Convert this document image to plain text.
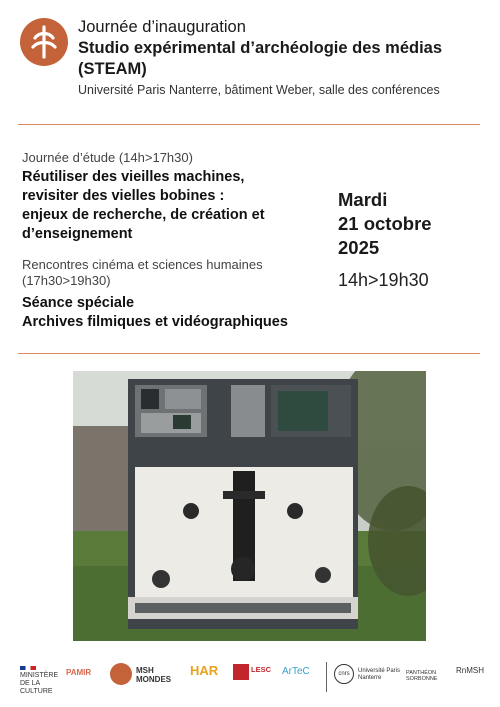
Journée d’inauguration
Studio expérimental d’archéologie des médias
(STEAM)
Université Paris Nanterre, bâtiment Weber, salle des conférences
Journée d’étude (14h>17h30)
Réutiliser des vieilles machines,
revisiter des vielles bobines :
enjeux de recherche, de création et
d’enseignement
Rencontres cinéma et sciences humaines
(17h30>19h30)
Séance spéciale
Archives filmiques et vidéographiques
Mardi
21 octobre
2025
14h>19h30
MINISTÈRE DE LA CULTURE
PAMIR	MSH MONDES
HAR	LESC ArTeC	cnrs	Université Paris Nanterre
PANTHÉON SORBONNE
RnMSH
